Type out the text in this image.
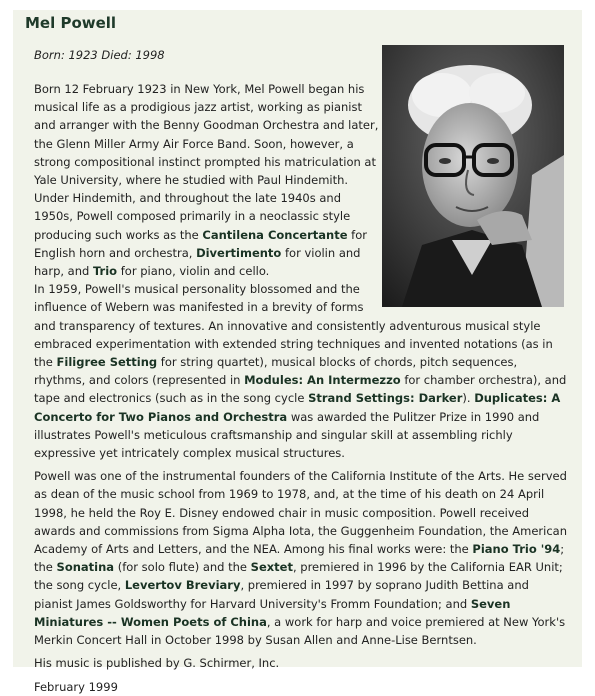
Mel Powell
Born: 1923 Died: 1998

Born 12 February 1923 in New York, Mel Powell began his musical life as a prodigious jazz artist, working as pianist and arranger with the Benny Goodman Orchestra and later, the Glenn Miller Army Air Force Band. Soon, however, a strong compositional instinct prompted his matriculation at Yale University, where he studied with Paul Hindemith. Under Hindemith, and throughout the late 1940s and 1950s, Powell composed primarily in a neoclassic style producing such works as the Cantilena Concertante for English horn and orchestra, Divertimento for violin and harp, and Trio for piano, violin and cello.

In 1959, Powell's musical personality blossomed and the influence of Webern was manifested in a brevity of forms and transparency of textures. An innovative and consistently adventurous musical style embraced experimentation with extended string techniques and invented notations (as in the Filigree Setting for string quartet), musical blocks of chords, pitch sequences, rhythms, and colors (represented in Modules: An Intermezzo for chamber orchestra), and tape and electronics (such as in the song cycle Strand Settings: Darker). Duplicates: A Concerto for Two Pianos and Orchestra was awarded the Pulitzer Prize in 1990 and illustrates Powell's meticulous craftsmanship and singular skill at assembling richly expressive yet intricately complex musical structures.

Powell was one of the instrumental founders of the California Institute of the Arts. He served as dean of the music school from 1969 to 1978, and, at the time of his death on 24 April 1998, he held the Roy E. Disney endowed chair in music composition. Powell received awards and commissions from Sigma Alpha Iota, the Guggenheim Foundation, the American Academy of Arts and Letters, and the NEA. Among his final works were: the Piano Trio '94; the Sonatina (for solo flute) and the Sextet, premiered in 1996 by the California EAR Unit; the song cycle, Levertov Breviary, premiered in 1997 by soprano Judith Bettina and pianist James Goldsworthy for Harvard University's Fromm Foundation; and Seven Miniatures -- Women Poets of China, a work for harp and voice premiered at New York's Merkin Concert Hall in October 1998 by Susan Allen and Anne-Lise Berntsen.

His music is published by G. Schirmer, Inc.

February 1999
